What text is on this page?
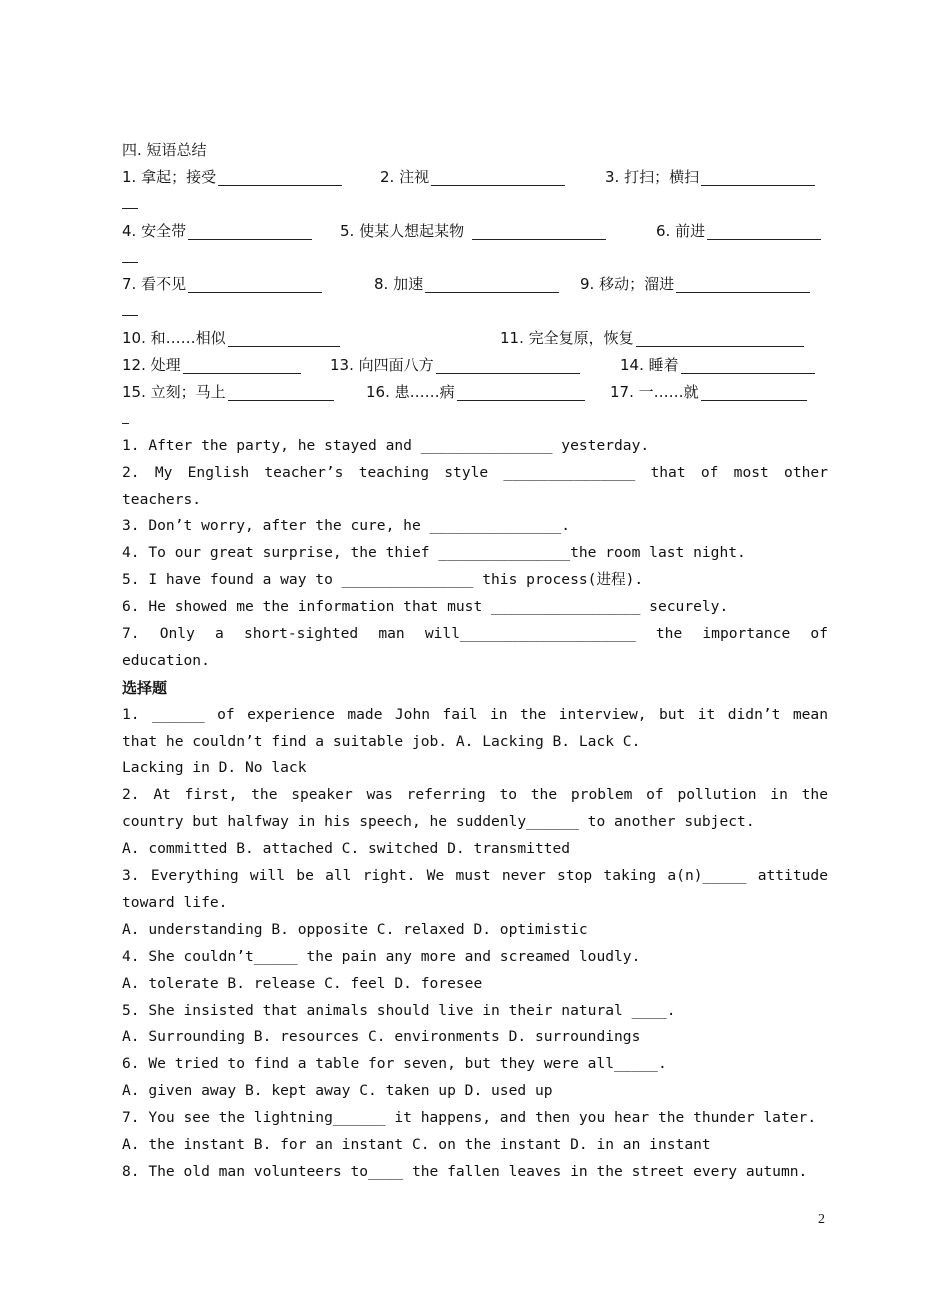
四. 短语总结
1. 拿起；接受	2. 注视	3. 打扫；横扫
4. 安全带	5. 使某人想起某物	6. 前进
7. 看不见	8. 加速	9. 移动；溜进
10. 和……相似	11. 完全复原，恢复
12. 处理	13. 向四面八方	14. 睡着
15. 立刻；马上	16. 患……病	17. 一……就
1. After the party, he stayed and _______________ yesterday.
2. My English teacher’s teaching style _______________ that of most other
teachers.
3. Don’t worry, after the cure, he _______________.
4. To our great surprise, the thief _______________the room last night.
5. I have found a way to _______________ this process(进程).
6. He showed me the information that must _________________ securely.
7. Only a short-sighted man will____________________ the importance of
education.
选择题
1. ______ of experience made John fail in the interview, but it didn’t mean
that he couldn’t find a suitable job. A. Lacking B. Lack C.
Lacking in D. No lack
2. At first, the speaker was referring to the problem of pollution in the
country but halfway in his speech, he suddenly______ to another subject.
A. committed B. attached C. switched D. transmitted
3. Everything will be all right. We must never stop taking a(n)_____ attitude
toward life.
A. understanding B. opposite C. relaxed D. optimistic
4. She couldn’t_____ the pain any more and screamed loudly.
A. tolerate B. release C. feel D. foresee
5. She insisted that animals should live in their natural ____.
A. Surrounding B. resources C. environments D. surroundings
6. We tried to find a table for seven, but they were all_____.
A. given away B. kept away C. taken up D. used up
7. You see the lightning______ it happens, and then you hear the thunder later.
A. the instant B. for an instant C. on the instant D. in an instant
8. The old man volunteers to____ the fallen leaves in the street every autumn.
2
